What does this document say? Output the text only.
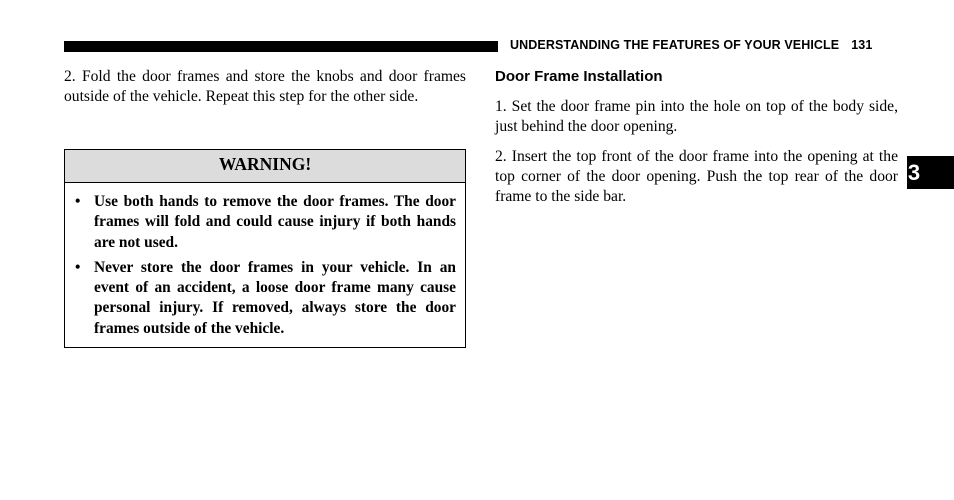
UNDERSTANDING THE FEATURES OF YOUR VEHICLE 131

2. Fold the door frames and store the knobs and door frames outside of the vehicle. Repeat this step for the other side.

WARNING!
• Use both hands to remove the door frames. The door frames will fold and could cause injury if both hands are not used.
• Never store the door frames in your vehicle. In an event of an accident, a loose door frame many cause personal injury. If removed, always store the door frames outside of the vehicle.
Door Frame Installation

1. Set the door frame pin into the hole on top of the body side, just behind the door opening.

2. Insert the top front of the door frame into the opening at the top corner of the door opening. Push the top rear of the door frame to the side bar.

3
